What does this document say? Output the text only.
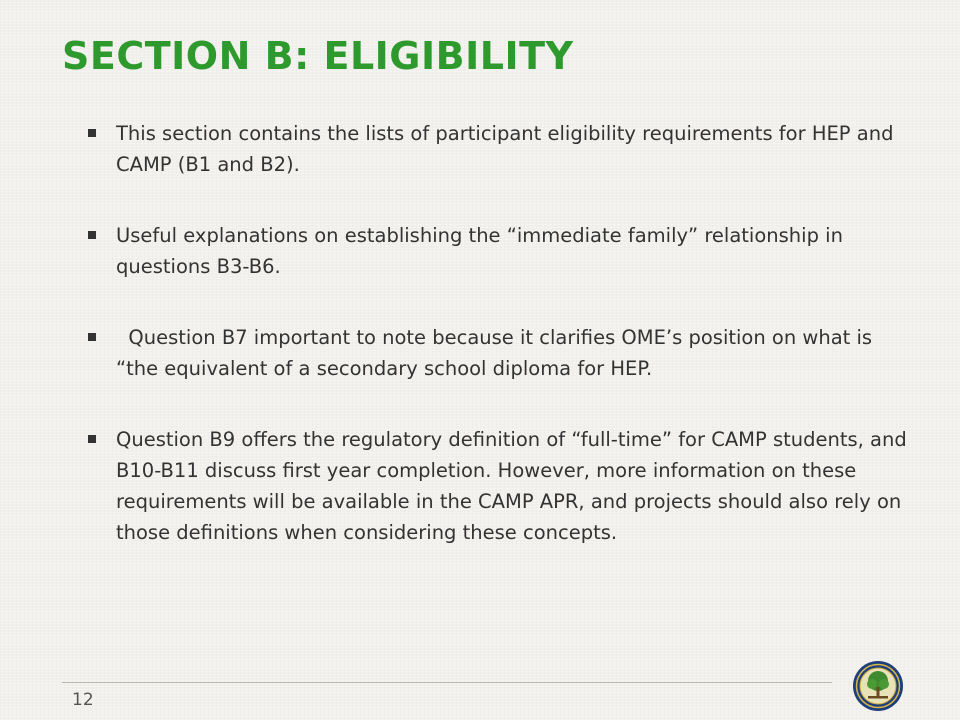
SECTION B: ELIGIBILITY
This section contains the lists of participant eligibility requirements for HEP and CAMP (B1 and B2).
Useful explanations on establishing the “immediate family” relationship in questions B3-B6.
Question B7 important to note because it clarifies OME’s position on what is “the equivalent of a secondary school diploma for HEP.
Question B9 offers the regulatory definition of “full-time” for CAMP students, and B10-B11 discuss first year completion. However, more information on these requirements will be available in the CAMP APR, and projects should also rely on those definitions when considering these concepts.
12
